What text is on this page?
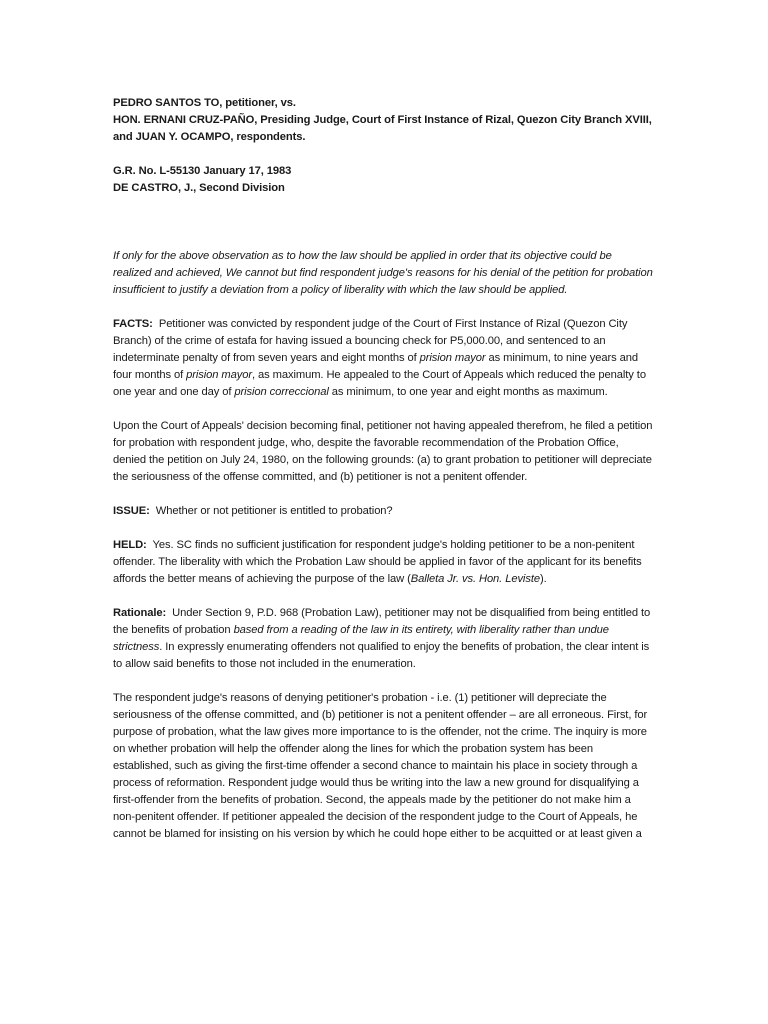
PEDRO SANTOS TO, petitioner, vs.

HON. ERNANI CRUZ-PAÑO, Presiding Judge, Court of First Instance of Rizal, Quezon City Branch XVIII, and JUAN Y. OCAMPO, respondents.

G.R. No. L-55130 January 17, 1983

DE CASTRO, J., Second Division

If only for the above observation as to how the law should be applied in order that its objective could be realized and achieved, We cannot but find respondent judge's reasons for his denial of the petition for probation insufficient to justify a deviation from a policy of liberality with which the law should be applied.

FACTS: Petitioner was convicted by respondent judge of the Court of First Instance of Rizal (Quezon City Branch) of the crime of estafa for having issued a bouncing check for P5,000.00, and sentenced to an indeterminate penalty of from seven years and eight months of prision mayor as minimum, to nine years and four months of prision mayor, as maximum. He appealed to the Court of Appeals which reduced the penalty to one year and one day of prision correccional as minimum, to one year and eight months as maximum.

Upon the Court of Appeals' decision becoming final, petitioner not having appealed therefrom, he filed a petition for probation with respondent judge, who, despite the favorable recommendation of the Probation Office, denied the petition on July 24, 1980, on the following grounds: (a) to grant probation to petitioner will depreciate the seriousness of the offense committed, and (b) petitioner is not a penitent offender.

ISSUE: Whether or not petitioner is entitled to probation?

HELD: Yes. SC finds no sufficient justification for respondent judge's holding petitioner to be a non-penitent offender. The liberality with which the Probation Law should be applied in favor of the applicant for its benefits affords the better means of achieving the purpose of the law (Balleta Jr. vs. Hon. Leviste).

Rationale: Under Section 9, P.D. 968 (Probation Law), petitioner may not be disqualified from being entitled to the benefits of probation based from a reading of the law in its entirety, with liberality rather than undue strictness. In expressly enumerating offenders not qualified to enjoy the benefits of probation, the clear intent is to allow said benefits to those not included in the enumeration.

The respondent judge's reasons of denying petitioner's probation - i.e. (1) petitioner will depreciate the seriousness of the offense committed, and (b) petitioner is not a penitent offender – are all erroneous. First, for purpose of probation, what the law gives more importance to is the offender, not the crime. The inquiry is more on whether probation will help the offender along the lines for which the probation system has been established, such as giving the first-time offender a second chance to maintain his place in society through a process of reformation. Respondent judge would thus be writing into the law a new ground for disqualifying a first-offender from the benefits of probation. Second, the appeals made by the petitioner do not make him a non-penitent offender. If petitioner appealed the decision of the respondent judge to the Court of Appeals, he cannot be blamed for insisting on his version by which he could hope either to be acquitted or at least given a
